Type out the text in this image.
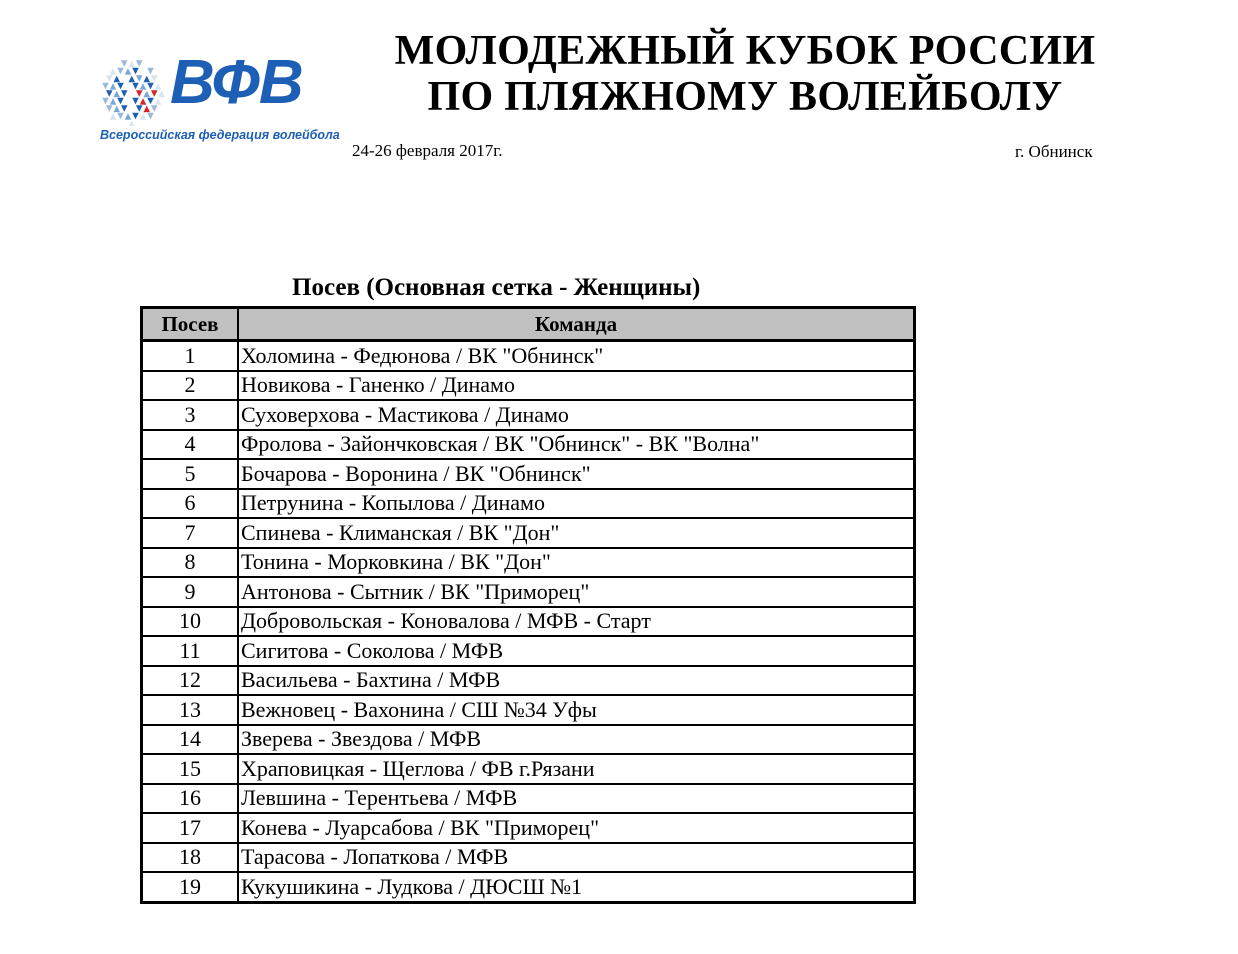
ВФВ
Всероссийская федерация волейбола
МОЛОДЕЖНЫЙ КУБОК РОССИИ
ПО ПЛЯЖНОМУ ВОЛЕЙБОЛУ
24-26 февраля 2017г.	г. Обнинск
Посев (Основная сетка - Женщины)
Посев	Команда
1	Холомина - Федюнова / ВК "Обнинск"
2	Новикова - Ганенко / Динамо
3	Суховерхова - Мастикова / Динамо
4	Фролова - Зайончковская / ВК "Обнинск" - ВК "Волна"
5	Бочарова - Воронина / ВК "Обнинск"
6	Петрунина - Копылова / Динамо
7	Спинева - Климанская / ВК "Дон"
8	Тонина - Морковкина / ВК "Дон"
9	Антонова - Сытник / ВК "Приморец"
10	Добровольская - Коновалова / МФВ - Старт
11	Сигитова - Соколова / МФВ
12	Васильева - Бахтина / МФВ
13	Вежновец - Вахонина / СШ №34 Уфы
14	Зверева - Звездова / МФВ
15	Храповицкая - Щеглова / ФВ г.Рязани
16	Левшина - Терентьева / МФВ
17	Конева - Луарсабова / ВК "Приморец"
18	Тарасова - Лопаткова / МФВ
19	Кукушикина - Лудкова / ДЮСШ №1
